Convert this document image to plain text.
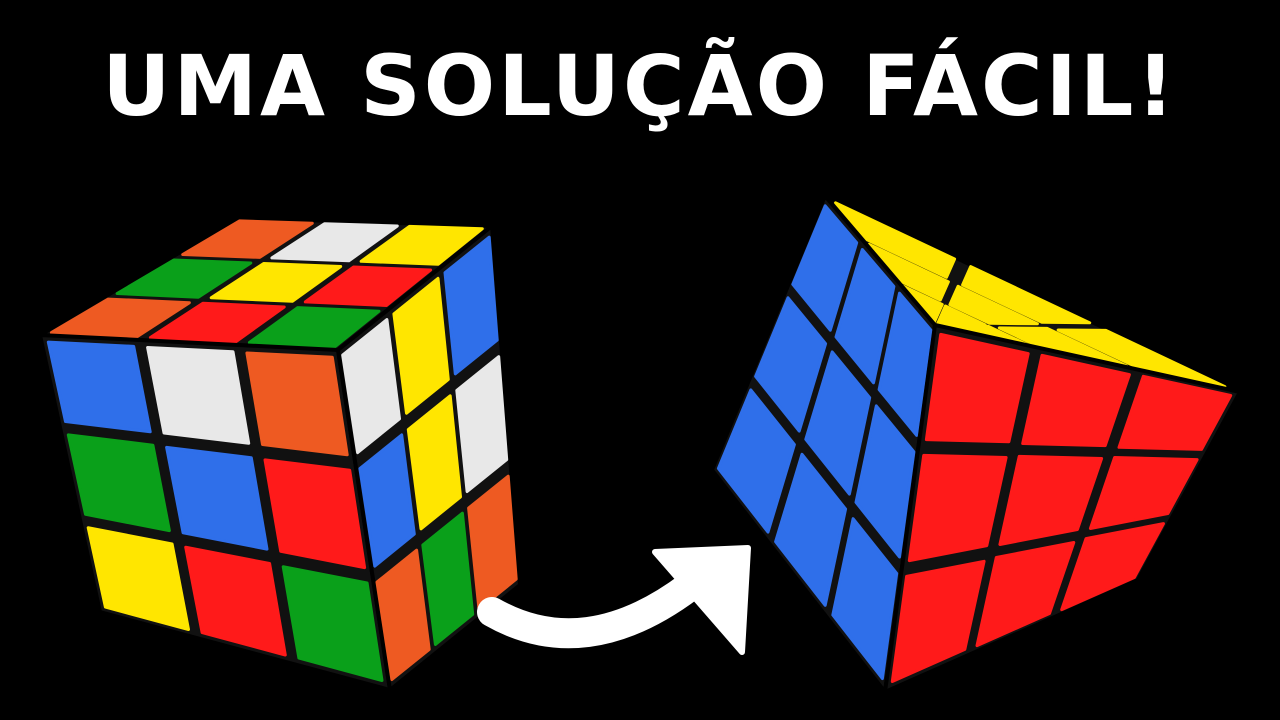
UMA SOLUÇÃO FÁCIL!
